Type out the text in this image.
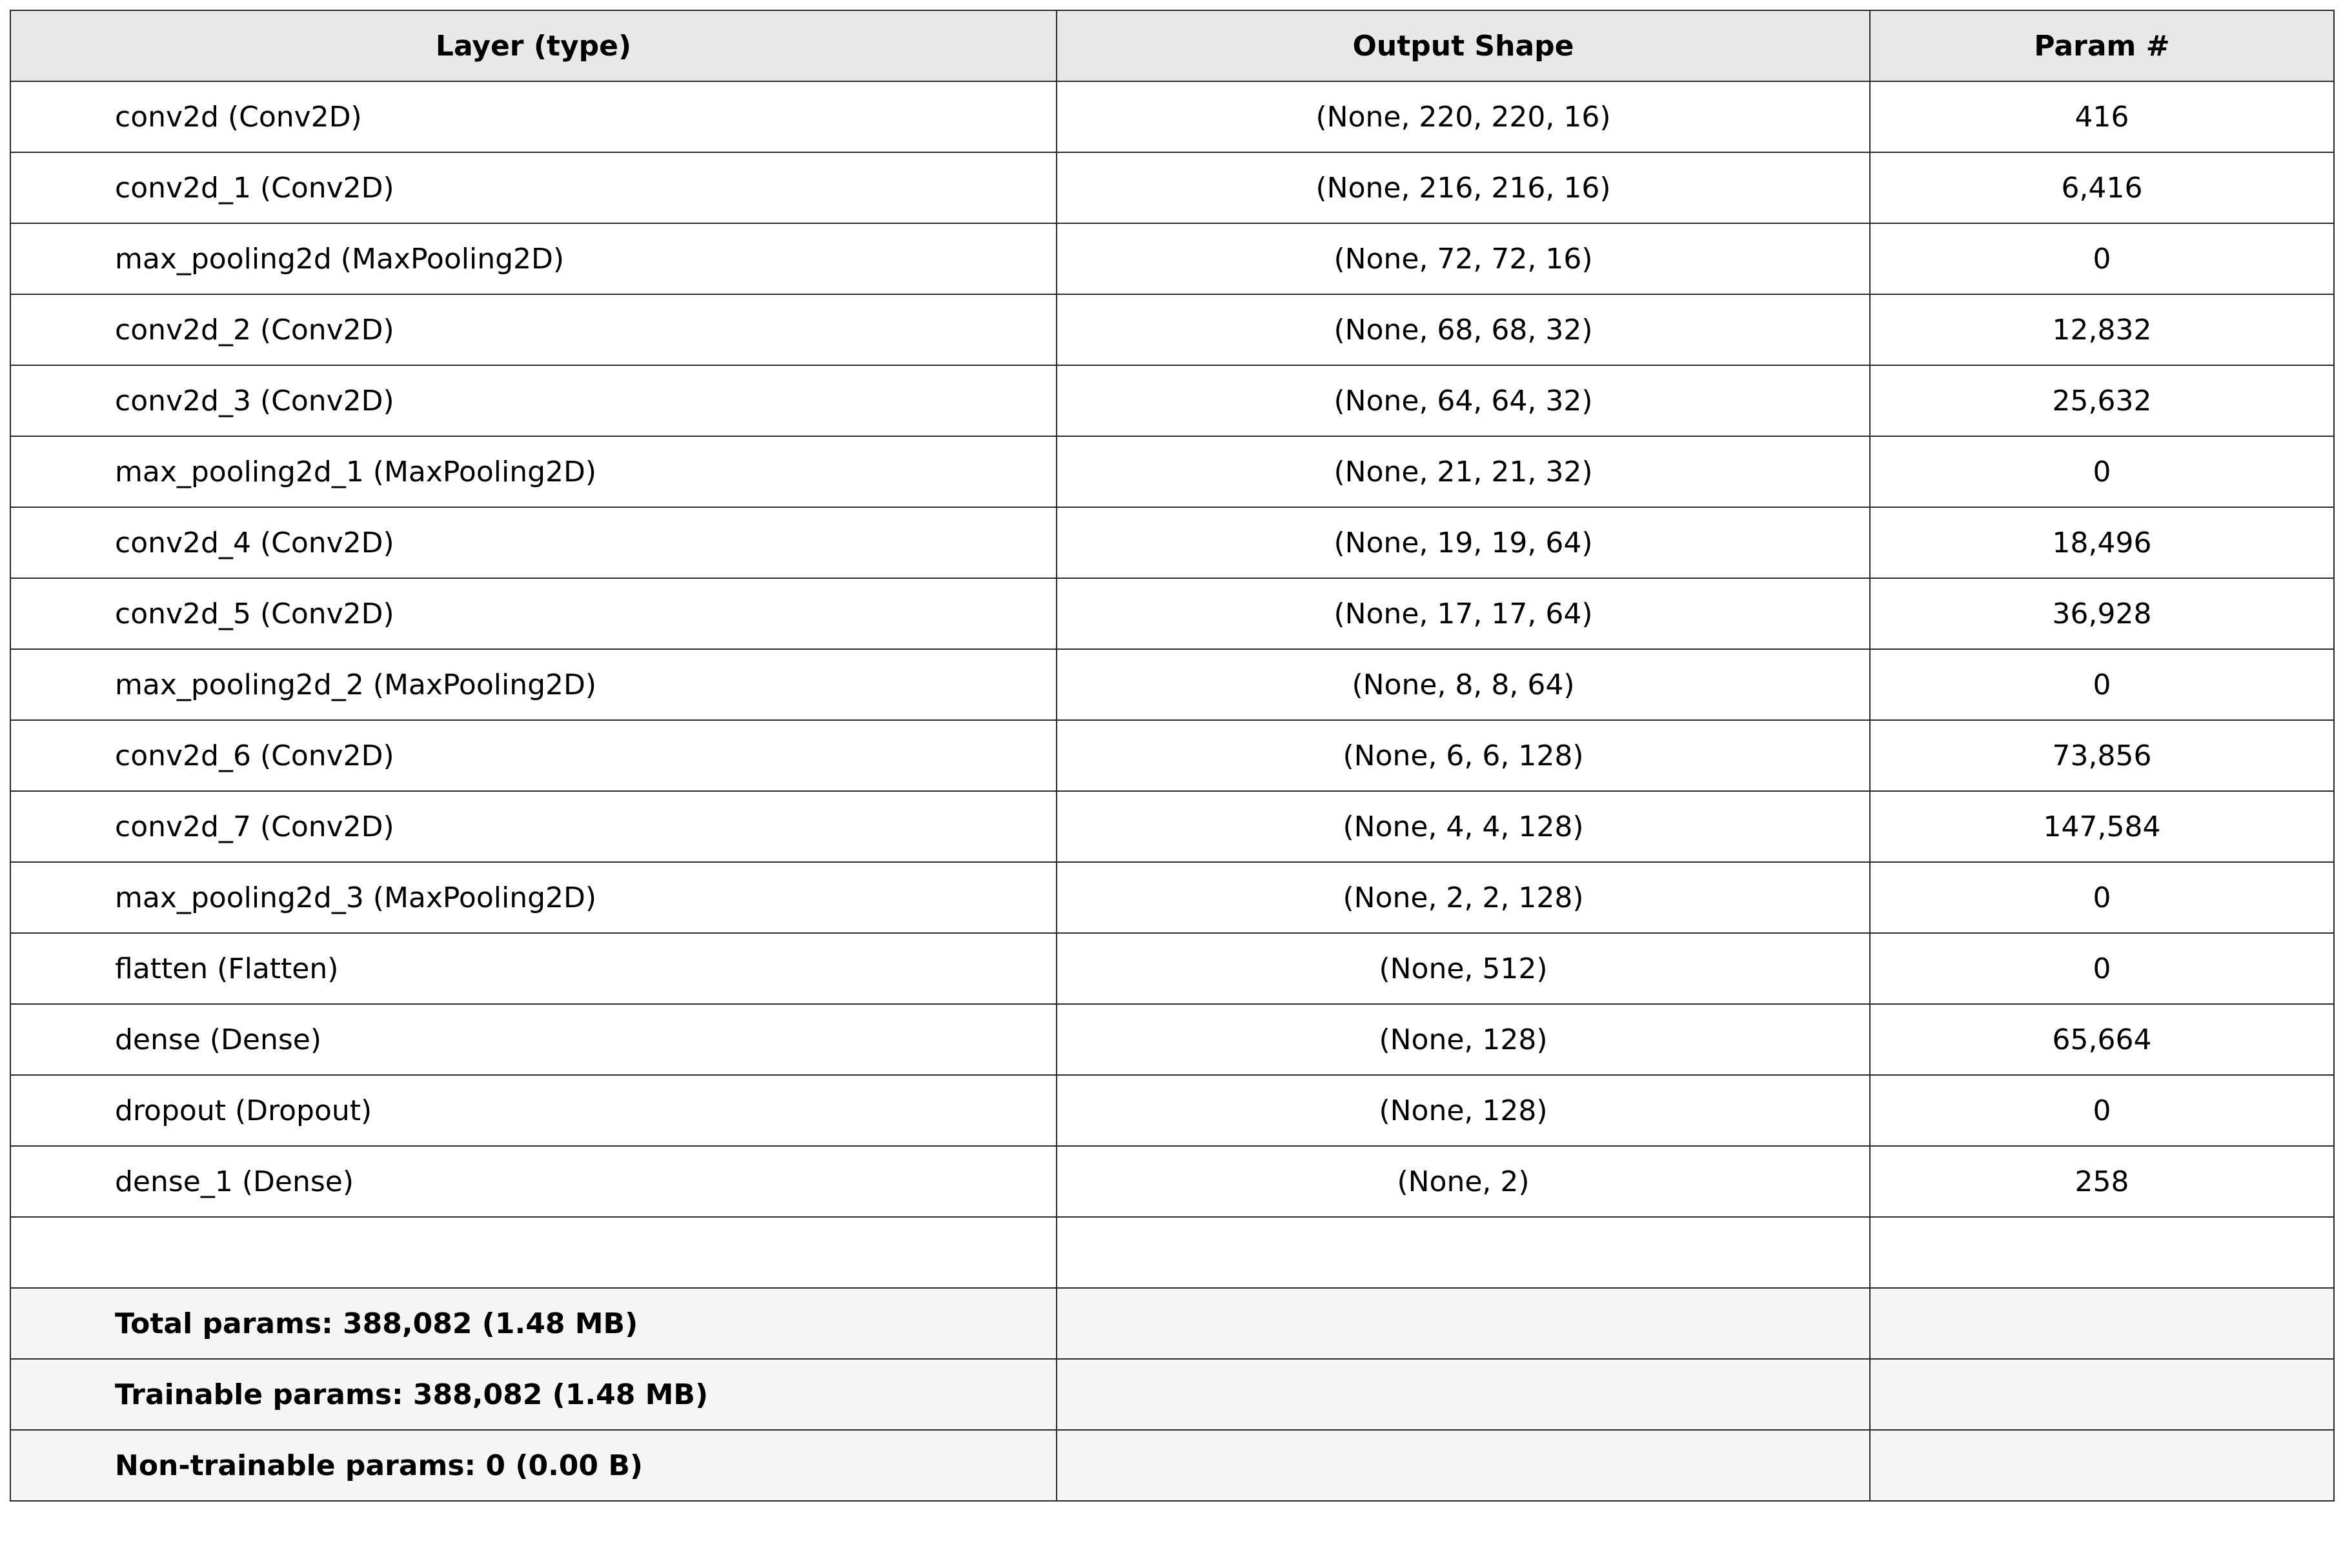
Layer (type)	Output Shape	Param #
conv2d (Conv2D)	(None, 220, 220, 16)	416
conv2d_1 (Conv2D)	(None, 216, 216, 16)	6,416
max_pooling2d (MaxPooling2D)	(None, 72, 72, 16)	0
conv2d_2 (Conv2D)	(None, 68, 68, 32)	12,832
conv2d_3 (Conv2D)	(None, 64, 64, 32)	25,632
max_pooling2d_1 (MaxPooling2D)	(None, 21, 21, 32)	0
conv2d_4 (Conv2D)	(None, 19, 19, 64)	18,496
conv2d_5 (Conv2D)	(None, 17, 17, 64)	36,928
max_pooling2d_2 (MaxPooling2D)	(None, 8, 8, 64)	0
conv2d_6 (Conv2D)	(None, 6, 6, 128)	73,856
conv2d_7 (Conv2D)	(None, 4, 4, 128)	147,584
max_pooling2d_3 (MaxPooling2D)	(None, 2, 2, 128)	0
flatten (Flatten)	(None, 512)	0
dense (Dense)	(None, 128)	65,664
dropout (Dropout)	(None, 128)	0
dense_1 (Dense)	(None, 2)	258

Total params: 388,082 (1.48 MB)		
Trainable params: 388,082 (1.48 MB)		
Non-trainable params: 0 (0.00 B)		
